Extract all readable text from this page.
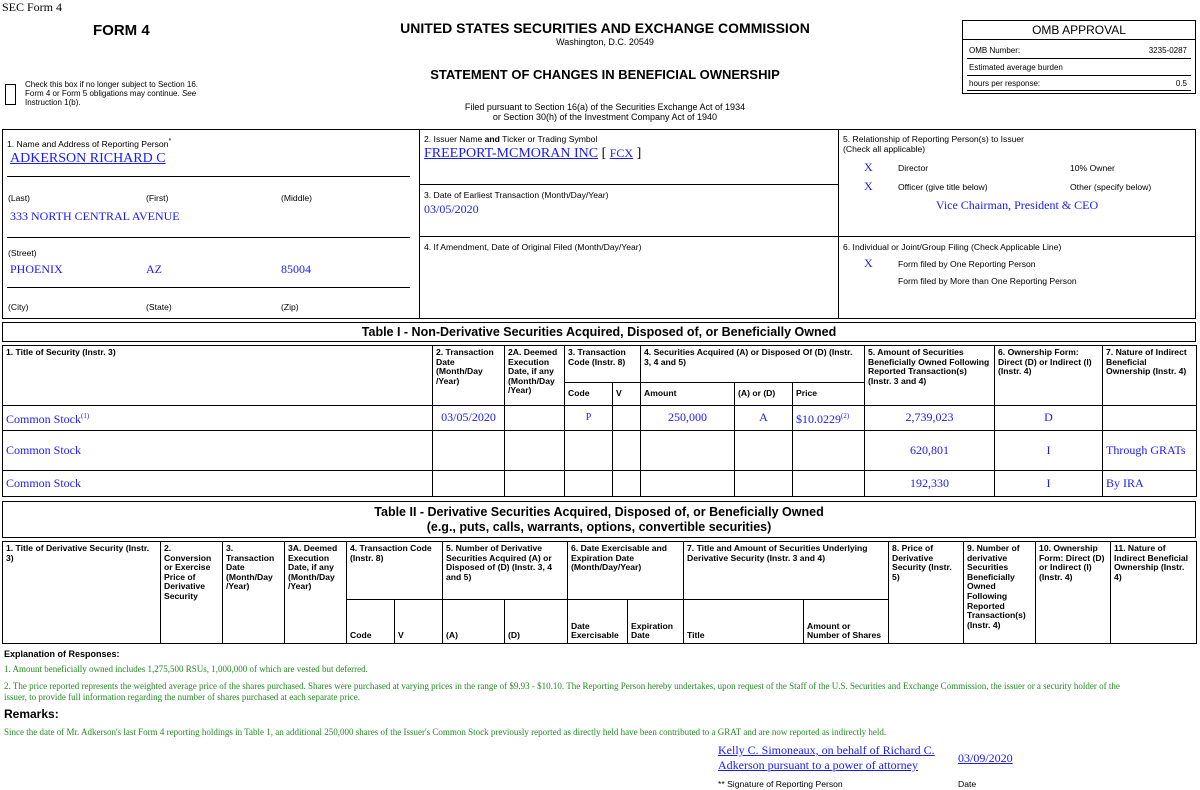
SEC Form 4
FORM 4	UNITED STATES SECURITIES AND EXCHANGE COMMISSION
Washington, D.C. 20549
STATEMENT OF CHANGES IN BENEFICIAL OWNERSHIP
Filed pursuant to Section 16(a) of the Securities Exchange Act of 1934
or Section 30(h) of the Investment Company Act of 1940
Check this box if no longer subject to Section 16.
Form 4 or Form 5 obligations may continue. See
Instruction 1(b).
OMB APPROVAL
OMB Number:	3235-0287
Estimated average burden
hours per response:	0.5
1. Name and Address of Reporting Person*
ADKERSON RICHARD C
(Last)	(First)	(Middle)
333 NORTH CENTRAL AVENUE
(Street)
PHOENIX	AZ	85004
(City)	(State)	(Zip)
2. Issuer Name and Ticker or Trading Symbol
FREEPORT-MCMORAN INC [ FCX ]
3. Date of Earliest Transaction (Month/Day/Year)
03/05/2020
4. If Amendment, Date of Original Filed (Month/Day/Year)
5. Relationship of Reporting Person(s) to Issuer
(Check all applicable)
X	Director	10% Owner
X	Officer (give title below)	Other (specify below)
Vice Chairman, President & CEO
6. Individual or Joint/Group Filing (Check Applicable Line)
X	Form filed by One Reporting Person
Form filed by More than One Reporting Person
Table I - Non-Derivative Securities Acquired, Disposed of, or Beneficially Owned
1. Title of Security (Instr. 3)	2. Transaction Date (Month/Day /Year)	2A. Deemed Execution Date, if any (Month/Day /Year)	3. Transaction Code (Instr. 8)		4. Securities Acquired (A) or Disposed Of (D) (Instr. 3, 4 and 5)			5. Amount of Securities Beneficially Owned Following Reported Transaction(s) (Instr. 3 and 4)	6. Ownership Form: Direct (D) or Indirect (I) (Instr. 4)	7. Nature of Indirect Beneficial Ownership (Instr. 4)
			Code	V	Amount	(A) or (D)	Price			
Common Stock$^{(1)}$	03/05/2020		P		250,000	A	$10.0229$^{(2)}$	2,739,023	D	
Common Stock								620,801	I	Through GRATs
Common Stock								192,330	I	By IRA
Table II - Derivative Securities Acquired, Disposed of, or Beneficially Owned
(e.g., puts, calls, warrants, options, convertible securities)
1. Title of Derivative Security (Instr. 3)	2. Conversion or Exercise Price of Derivative Security	3. Transaction Date (Month/Day /Year)	3A. Deemed Execution Date, if any (Month/Day /Year)	4. Transaction Code (Instr. 8)		5. Number of Derivative Securities Acquired (A) or Disposed of (D) (Instr. 3, 4 and 5)		6. Date Exercisable and Expiration Date (Month/Day/Year)		7. Title and Amount of Securities Underlying Derivative Security (Instr. 3 and 4)		8. Price of Derivative Security (Instr. 5)	9. Number of derivative Securities Beneficially Owned Following Reported Transaction(s) (Instr. 4)	10. Ownership Form: Direct (D) or Indirect (I) (Instr. 4)	11. Nature of Indirect Beneficial Ownership (Instr. 4)
				Code	V	(A)	(D)	Date Exercisable	Expiration Date	Title	Amount or Number of Shares				
Explanation of Responses:
1. Amount beneficially owned includes 1,275,500 RSUs, 1,000,000 of which are vested but deferred.
2. The price reported represents the weighted average price of the shares purchased. Shares were purchased at varying prices in the range of $9.93 - $10.10. The Reporting Person hereby undertakes, upon request of the Staff of the U.S. Securities and Exchange Commission, the issuer or a security holder of the
issuer, to provide full information regarding the number of shares purchased at each separate price.
Remarks:
Since the date of Mr. Adkerson's last Form 4 reporting holdings in Table 1, an additional 250,000 shares of the Issuer's Common Stock previously reported as directly held have been contributed to a GRAT and are now reported as indirectly held.
Kelly C. Simoneaux, on behalf of Richard C.
Adkerson pursuant to a power of attorney	03/09/2020
** Signature of Reporting Person	Date
